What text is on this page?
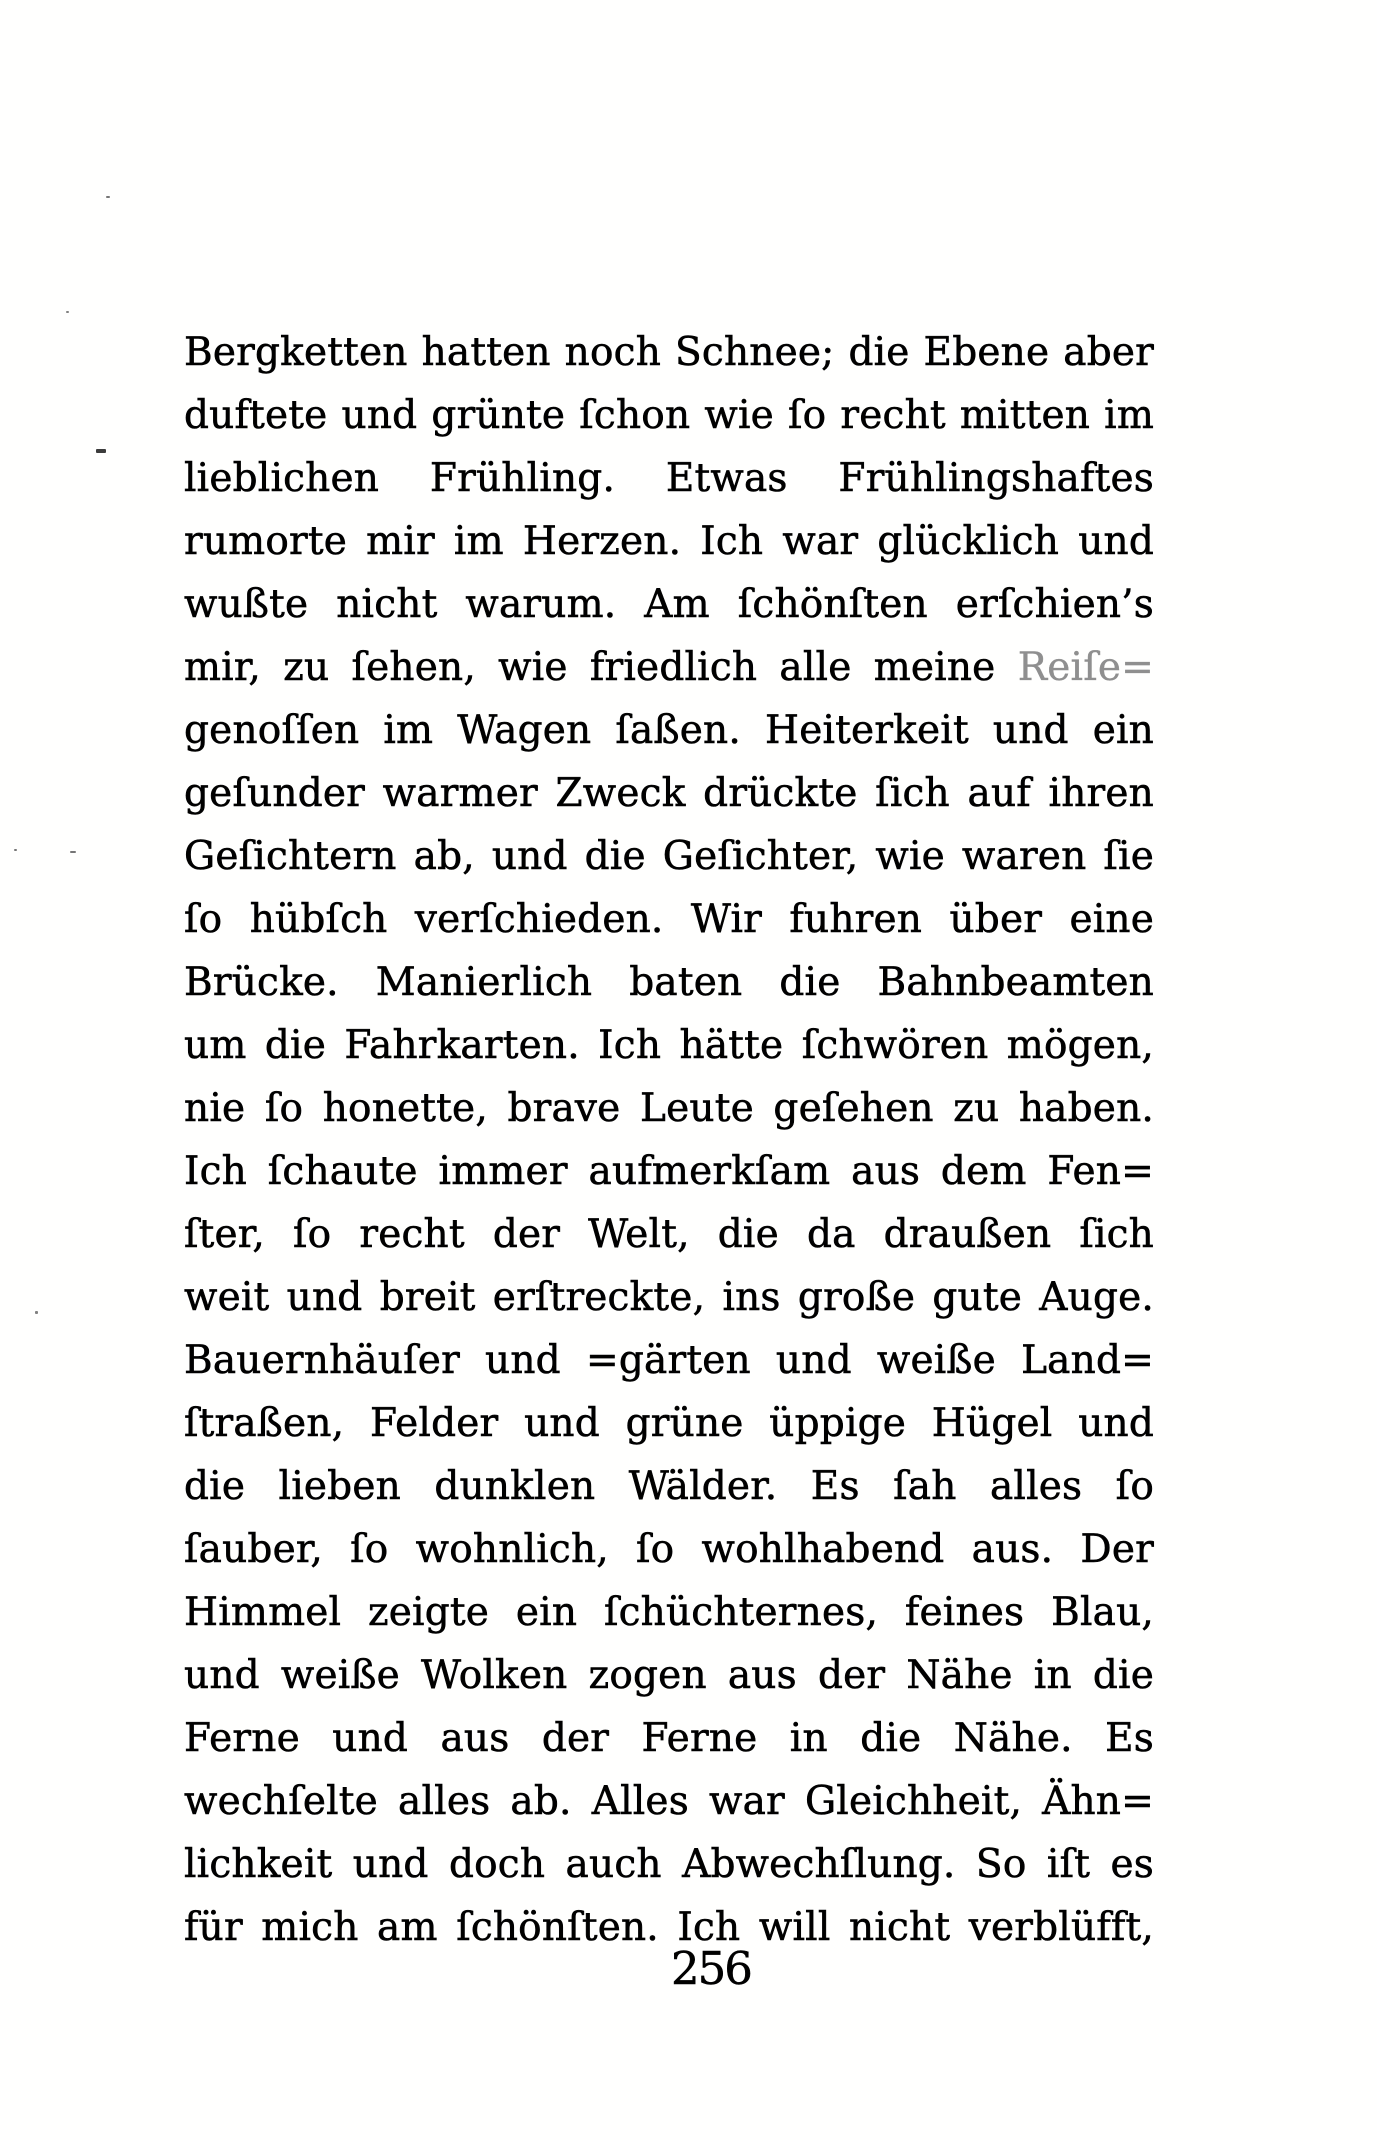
Bergketten hatten noch Schnee; die Ebene aber
duftete und grünte ſchon wie ſo recht mitten im
lieblichen Frühling. Etwas Frühlingshaftes
rumorte mir im Herzen. Ich war glücklich und
wußte nicht warum. Am ſchönſten erſchien’s
mir, zu ſehen, wie friedlich alle meine Reiſe=
genoſſen im Wagen ſaßen. Heiterkeit und ein
geſunder warmer Zweck drückte ſich auf ihren
Geſichtern ab, und die Geſichter, wie waren ſie
ſo hübſch verſchieden. Wir fuhren über eine
Brücke. Manierlich baten die Bahnbeamten
um die Fahrkarten. Ich hätte ſchwören mögen,
nie ſo honette, brave Leute geſehen zu haben.
Ich ſchaute immer aufmerkſam aus dem Fen=
ſter, ſo recht der Welt, die da draußen ſich
weit und breit erſtreckte, ins große gute Auge.
Bauernhäuſer und =gärten und weiße Land=
ſtraßen, Felder und grüne üppige Hügel und
die lieben dunklen Wälder. Es ſah alles ſo
ſauber, ſo wohnlich, ſo wohlhabend aus. Der
Himmel zeigte ein ſchüchternes, feines Blau,
und weiße Wolken zogen aus der Nähe in die
Ferne und aus der Ferne in die Nähe. Es
wechſelte alles ab. Alles war Gleichheit, Ähn=
lichkeit und doch auch Abwechſlung. So iſt es
für mich am ſchönſten. Ich will nicht verblüfft,
256
